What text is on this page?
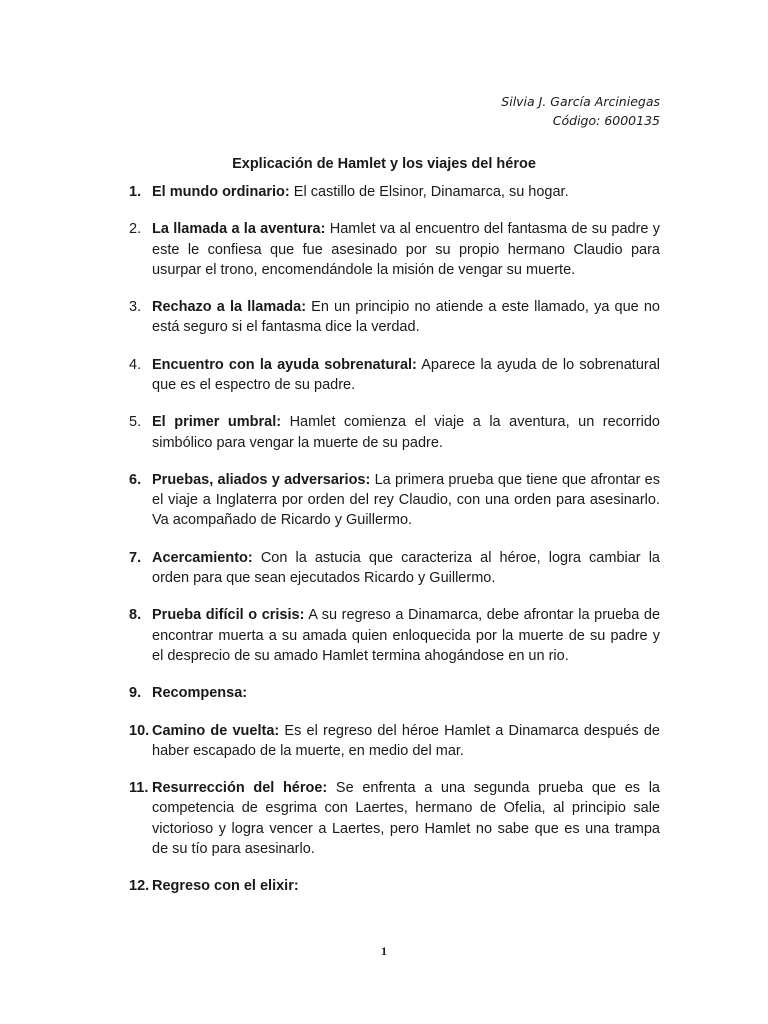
Silvia J. García Arciniegas
Código: 6000135
Explicación de Hamlet y los viajes del héroe
1. El mundo ordinario: El castillo de Elsinor, Dinamarca, su hogar.
2. La llamada a la aventura: Hamlet va al encuentro del fantasma de su padre y este le confiesa que fue asesinado por su propio hermano Claudio para usurpar el trono, encomendándole la misión de vengar su muerte.
3. Rechazo a la llamada: En un principio no atiende a este llamado, ya que no está seguro si el fantasma dice la verdad.
4. Encuentro con la ayuda sobrenatural: Aparece la ayuda de lo sobrenatural que es el espectro de su padre.
5. El primer umbral: Hamlet comienza el viaje a la aventura, un recorrido simbólico para vengar la muerte de su padre.
6. Pruebas, aliados y adversarios: La primera prueba que tiene que afrontar es el viaje a Inglaterra por orden del rey Claudio, con una orden para asesinarlo. Va acompañado de Ricardo y Guillermo.
7. Acercamiento: Con la astucia que caracteriza al héroe, logra cambiar la orden para que sean ejecutados Ricardo y Guillermo.
8. Prueba difícil o crisis: A su regreso a Dinamarca, debe afrontar la prueba de encontrar muerta a su amada quien enloquecida por la muerte de su padre y el desprecio de su amado Hamlet termina ahogándose en un rio.
9. Recompensa:
10. Camino de vuelta: Es el regreso del héroe Hamlet a Dinamarca después de haber escapado de la muerte, en medio del mar.
11. Resurrección del héroe: Se enfrenta a una segunda prueba que es la competencia de esgrima con Laertes, hermano de Ofelia, al principio sale victorioso y logra vencer a Laertes, pero Hamlet no sabe que es una trampa de su tío para asesinarlo.
12. Regreso con el elixir:
1
